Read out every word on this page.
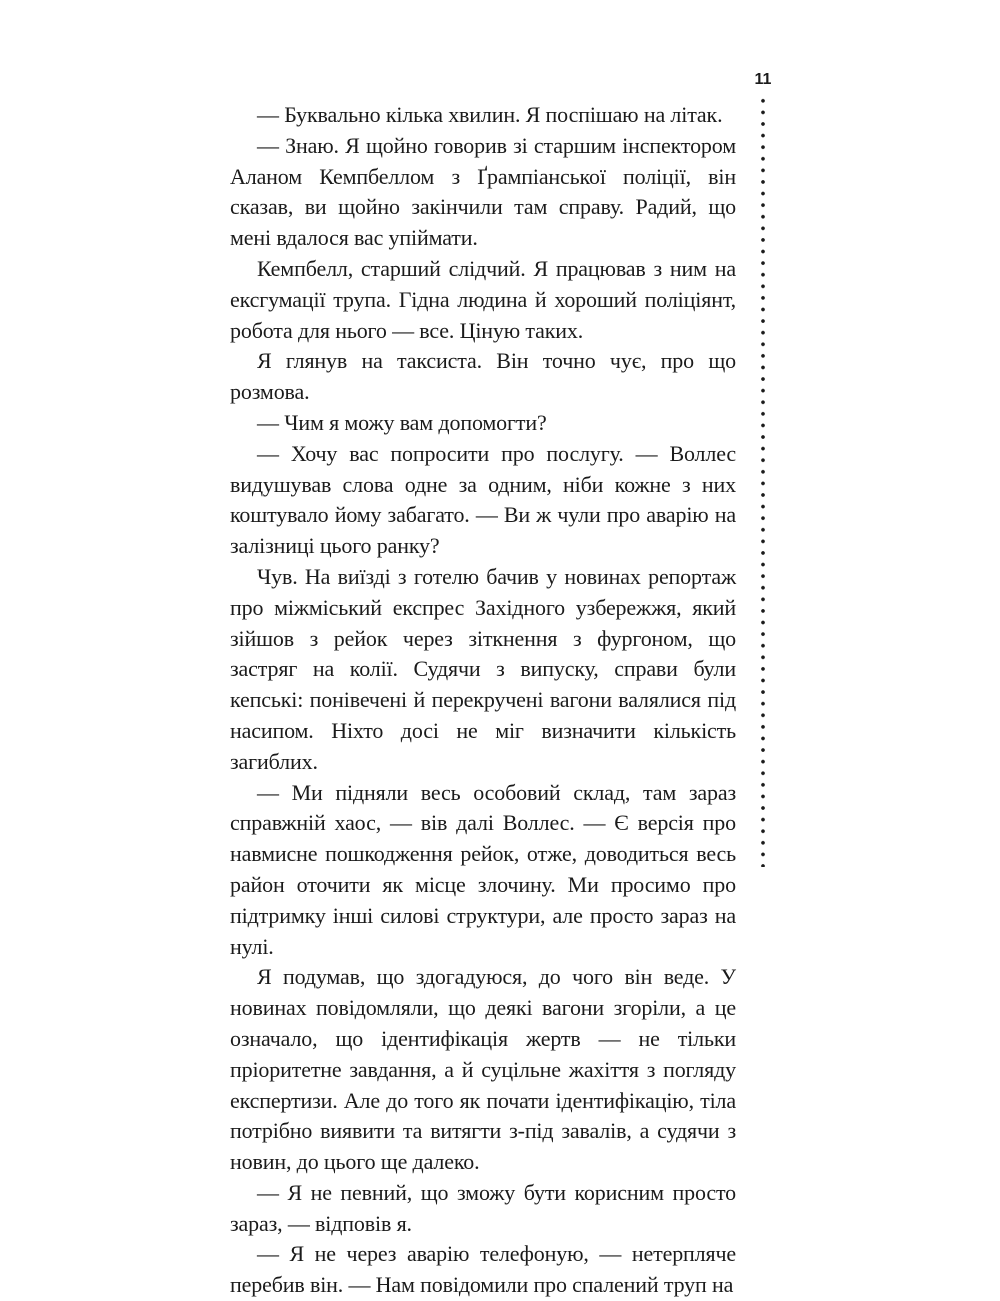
11

— Буквально кілька хвилин. Я поспішаю на літак.

— Знаю. Я щойно говорив зі старшим інспектором Аланом Кемпбеллом з Ґрампіанської поліції, він сказав, ви щойно закінчили там справу. Радий, що мені вдалося вас упіймати.

Кемпбелл, старший слідчий. Я працював з ним на ексгумації трупа. Гідна людина й хороший поліціянт, робота для нього — все. Ціную таких.

Я глянув на таксиста. Він точно чує, про що розмова.

— Чим я можу вам допомогти?

— Хочу вас попросити про послугу. — Воллес видушував слова одне за одним, ніби кожне з них коштувало йому забагато. — Ви ж чули про аварію на залізниці цього ранку?

Чув. На виїзді з готелю бачив у новинах репортаж про міжміський експрес Західного узбережжя, який зійшов з рейок через зіткнення з фургоном, що застряг на колії. Судячи з випуску, справи були кепські: понівечені й перекручені вагони валялися під насипом. Ніхто досі не міг визначити кількість загиблих.

— Ми підняли весь особовий склад, там зараз справжній хаос, — вів далі Воллес. — Є версія про навмисне пошкодження рейок, отже, доводиться весь район оточити як місце злочину. Ми просимо про підтримку інші силові структури, але просто зараз на нулі.

Я подумав, що здогадуюся, до чого він веде. У новинах повідомляли, що деякі вагони згоріли, а це означало, що ідентифікація жертв — не тільки пріоритетне завдання, а й суцільне жахіття з погляду експертизи. Але до того як почати ідентифікацію, тіла потрібно виявити та витягти з-під завалів, а судячи з новин, до цього ще далеко.

— Я не певний, що зможу бути корисним просто зараз, — відповів я.

— Я не через аварію телефоную, — нетерпляче перебив він. — Нам повідомили про спалений труп на
